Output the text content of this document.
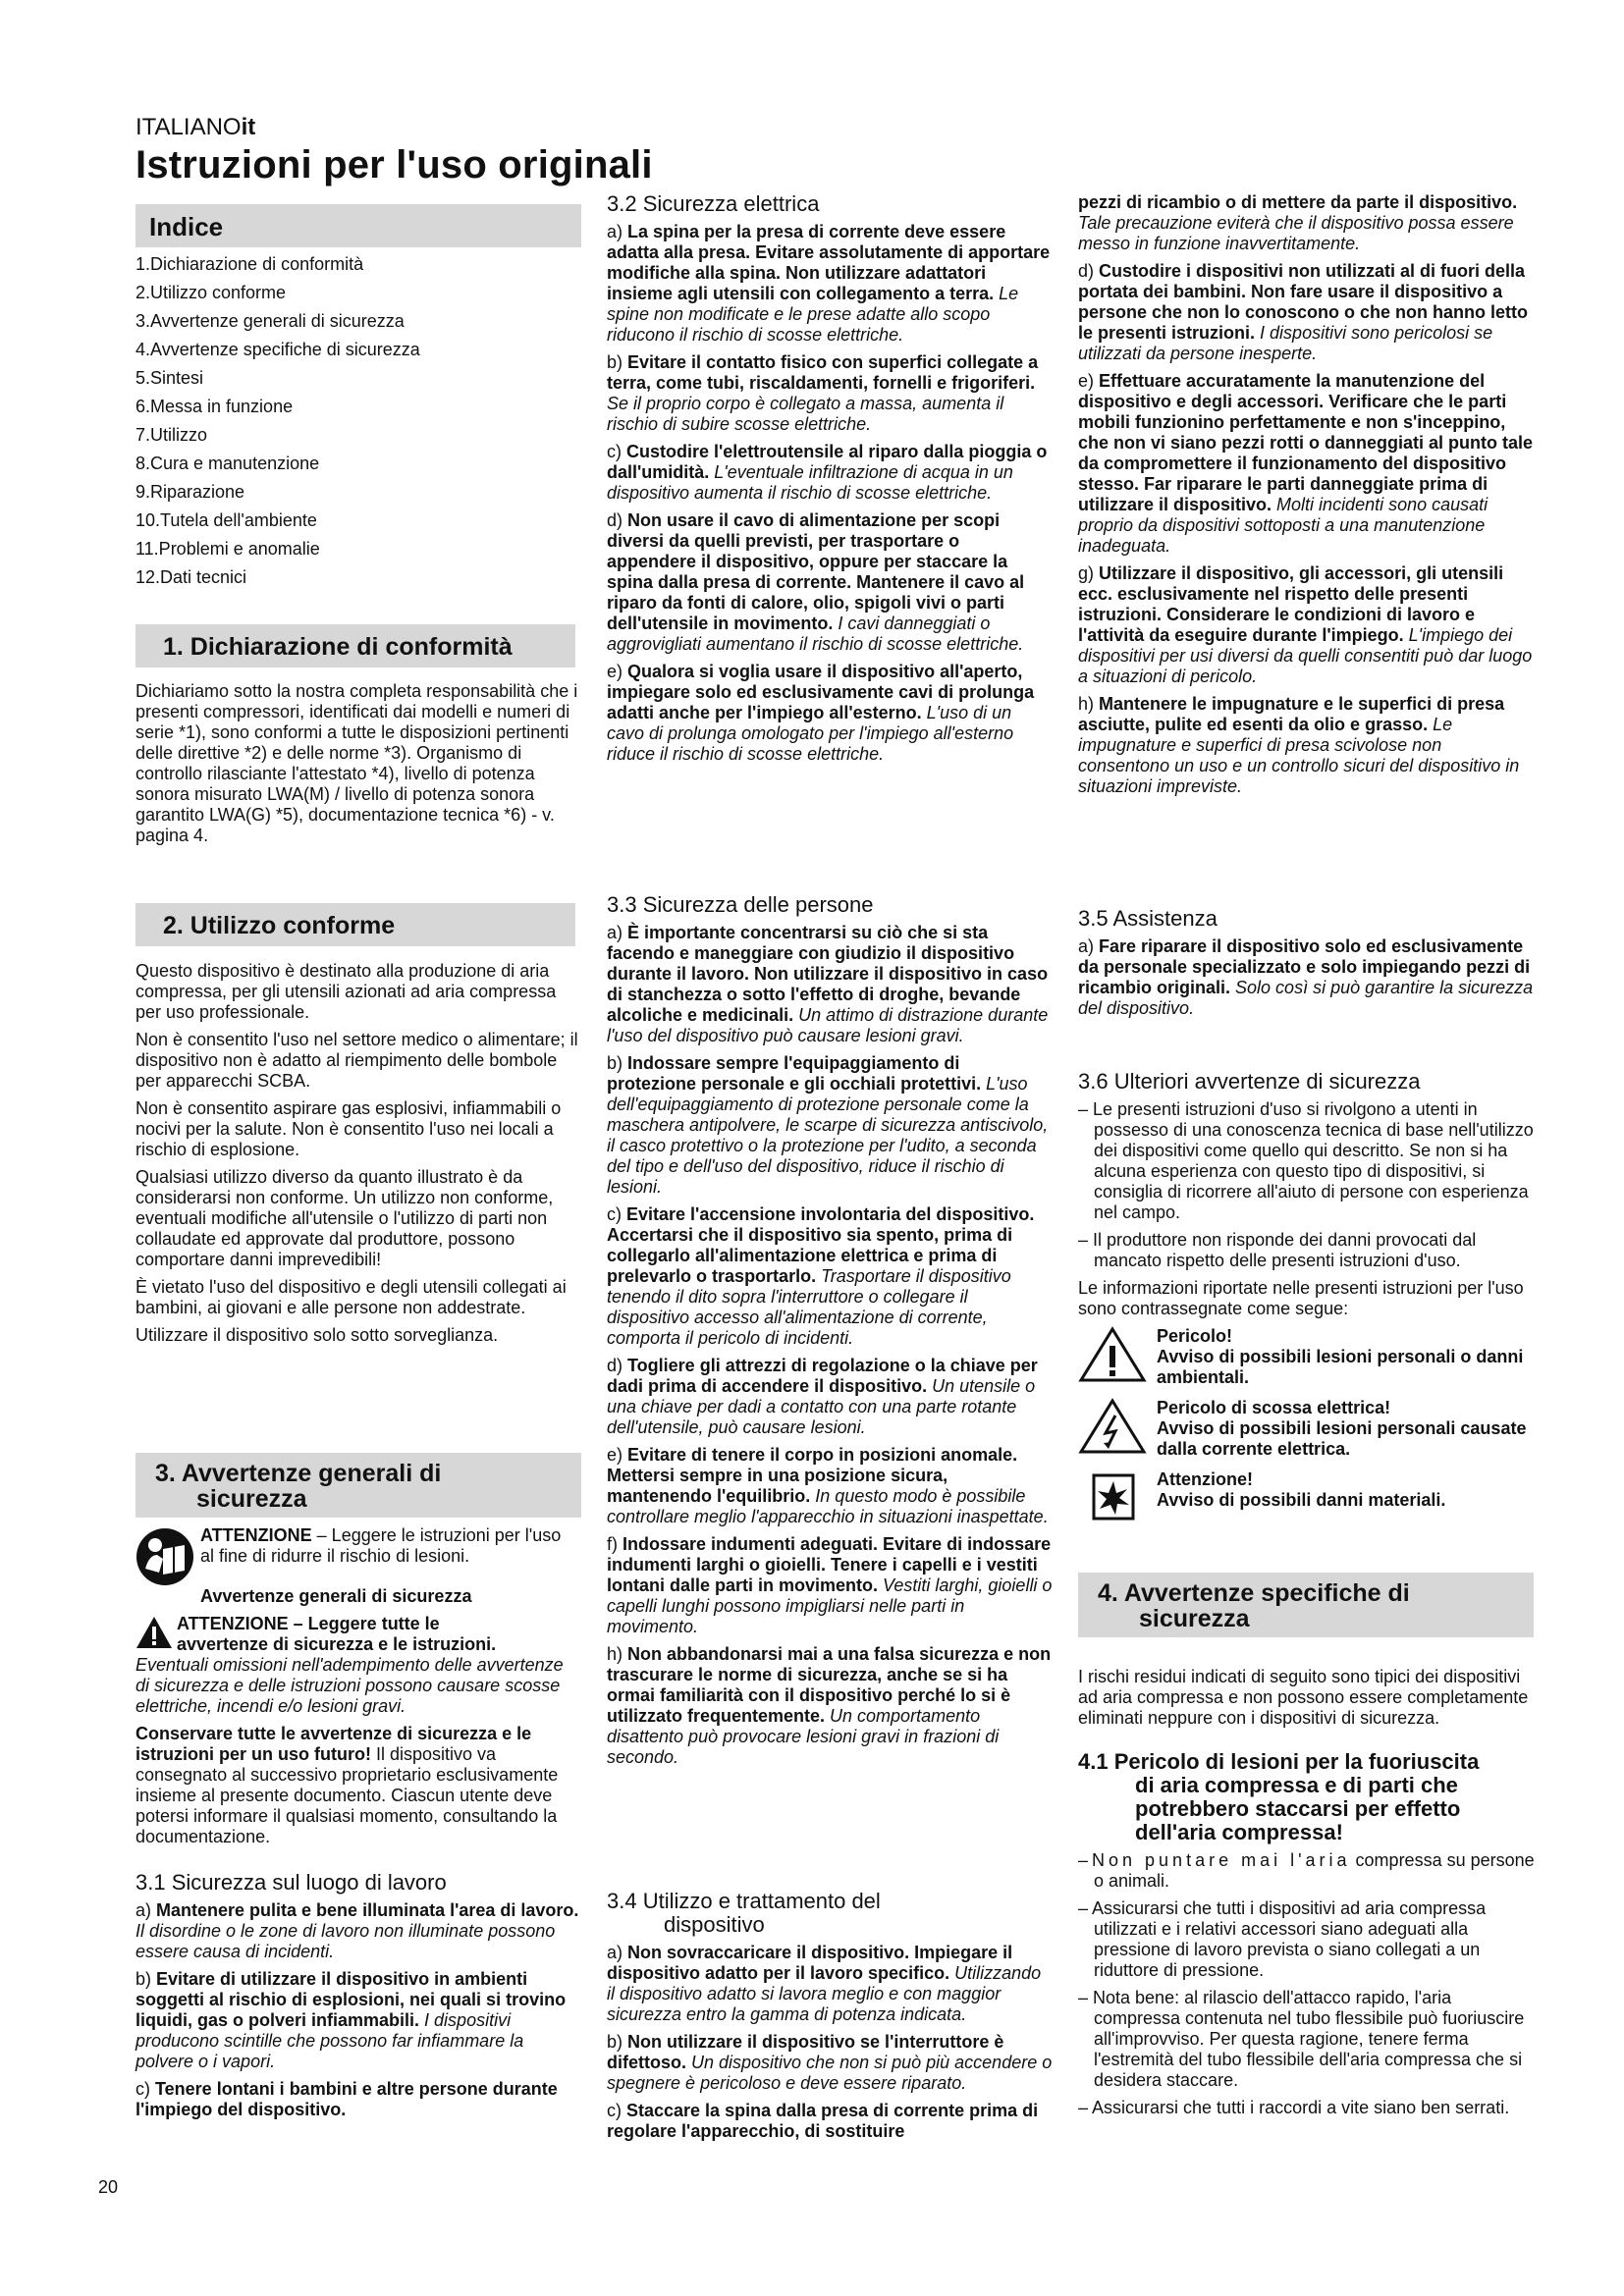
ITALIANOit
Istruzioni per l'uso originali
Indice
1.Dichiarazione di conformità
2.Utilizzo conforme
3.Avvertenze generali di sicurezza
4.Avvertenze specifiche di sicurezza
5.Sintesi
6.Messa in funzione
7.Utilizzo
8.Cura e manutenzione
9.Riparazione
10.Tutela dell'ambiente
11.Problemi e anomalie
12.Dati tecnici
1. Dichiarazione di conformità

Dichiariamo sotto la nostra completa responsabilità che i presenti compressori, identificati dai modelli e numeri di serie *1), sono conformi a tutte le disposizioni pertinenti delle direttive *2) e delle norme *3). Organismo di controllo rilasciante l'attestato *4), livello di potenza sonora misurato LWA(M) / livello di potenza sonora garantito LWA(G) *5), documentazione tecnica *6) - v. pagina 4.

2. Utilizzo conforme

Questo dispositivo è destinato alla produzione di aria compressa, per gli utensili azionati ad aria compressa per uso professionale.

Non è consentito l'uso nel settore medico o alimentare; il dispositivo non è adatto al riempimento delle bombole per apparecchi SCBA.

Non è consentito aspirare gas esplosivi, infiammabili o nocivi per la salute. Non è consentito l'uso nei locali a rischio di esplosione.

Qualsiasi utilizzo diverso da quanto illustrato è da considerarsi non conforme. Un utilizzo non conforme, eventuali modifiche all'utensile o l'utilizzo di parti non collaudate ed approvate dal produttore, possono comportare danni imprevedibili!

È vietato l'uso del dispositivo e degli utensili collegati ai bambini, ai giovani e alle persone non addestrate.

Utilizzare il dispositivo solo sotto sorveglianza.

3. Avvertenze generali di
sicurezza
ATTENZIONE – Leggere le istruzioni per l'uso al fine di ridurre il rischio di lesioni.

Avvertenze generali di sicurezza

ATTENZIONE – Leggere tutte le
avvertenze di sicurezza e le istruzioni.

Eventuali omissioni nell'adempimento delle avvertenze di sicurezza e delle istruzioni possono causare scosse elettriche, incendi e/o lesioni gravi.

Conservare tutte le avvertenze di sicurezza e le istruzioni per un uso futuro! Il dispositivo va consegnato al successivo proprietario esclusivamente insieme al presente documento. Ciascun utente deve potersi informare il qualsiasi momento, consultando la documentazione.

3.1 Sicurezza sul luogo di lavoro

a) Mantenere pulita e bene illuminata l'area di lavoro. Il disordine o le zone di lavoro non illuminate possono essere causa di incidenti.

b) Evitare di utilizzare il dispositivo in ambienti soggetti al rischio di esplosioni, nei quali si trovino liquidi, gas o polveri infiammabili. I dispositivi producono scintille che possono far infiammare la polvere o i vapori.

c) Tenere lontani i bambini e altre persone durante l'impiego del dispositivo.

3.2 Sicurezza elettrica

a) La spina per la presa di corrente deve essere adatta alla presa. Evitare assolutamente di apportare modifiche alla spina. Non utilizzare adattatori insieme agli utensili con collegamento a terra. Le spine non modificate e le prese adatte allo scopo riducono il rischio di scosse elettriche.

b) Evitare il contatto fisico con superfici collegate a terra, come tubi, riscaldamenti, fornelli e frigoriferi. Se il proprio corpo è collegato a massa, aumenta il rischio di subire scosse elettriche.

c) Custodire l'elettroutensile al riparo dalla pioggia o dall'umidità. L'eventuale infiltrazione di acqua in un dispositivo aumenta il rischio di scosse elettriche.

d) Non usare il cavo di alimentazione per scopi diversi da quelli previsti, per trasportare o appendere il dispositivo, oppure per staccare la spina dalla presa di corrente. Mantenere il cavo al riparo da fonti di calore, olio, spigoli vivi o parti dell'utensile in movimento. I cavi danneggiati o aggrovigliati aumentano il rischio di scosse elettriche.

e) Qualora si voglia usare il dispositivo all'aperto, impiegare solo ed esclusivamente cavi di prolunga adatti anche per l'impiego all'esterno. L'uso di un cavo di prolunga omologato per l'impiego all'esterno riduce il rischio di scosse elettriche.

3.3 Sicurezza delle persone

a) È importante concentrarsi su ciò che si sta facendo e maneggiare con giudizio il dispositivo durante il lavoro. Non utilizzare il dispositivo in caso di stanchezza o sotto l'effetto di droghe, bevande alcoliche e medicinali. Un attimo di distrazione durante l'uso del dispositivo può causare lesioni gravi.

b) Indossare sempre l'equipaggiamento di protezione personale e gli occhiali protettivi. L'uso dell'equipaggiamento di protezione personale come la maschera antipolvere, le scarpe di sicurezza antiscivolo, il casco protettivo o la protezione per l'udito, a seconda del tipo e dell'uso del dispositivo, riduce il rischio di lesioni.

c) Evitare l'accensione involontaria del dispositivo. Accertarsi che il dispositivo sia spento, prima di collegarlo all'alimentazione elettrica e prima di prelevarlo o trasportarlo. Trasportare il dispositivo tenendo il dito sopra l'interruttore o collegare il dispositivo accesso all'alimentazione di corrente, comporta il pericolo di incidenti.

d) Togliere gli attrezzi di regolazione o la chiave per dadi prima di accendere il dispositivo. Un utensile o una chiave per dadi a contatto con una parte rotante dell'utensile, può causare lesioni.

e) Evitare di tenere il corpo in posizioni anomale. Mettersi sempre in una posizione sicura, mantenendo l'equilibrio. In questo modo è possibile controllare meglio l'apparecchio in situazioni inaspettate.

f) Indossare indumenti adeguati. Evitare di indossare indumenti larghi o gioielli. Tenere i capelli e i vestiti lontani dalle parti in movimento. Vestiti larghi, gioielli o capelli lunghi possono impigliarsi nelle parti in movimento.

h) Non abbandonarsi mai a una falsa sicurezza e non trascurare le norme di sicurezza, anche se si ha ormai familiarità con il dispositivo perché lo si è utilizzato frequentemente. Un comportamento disattento può provocare lesioni gravi in frazioni di secondo.

3.4 Utilizzo e trattamento del
dispositivo

a) Non sovraccaricare il dispositivo. Impiegare il dispositivo adatto per il lavoro specifico. Utilizzando il dispositivo adatto si lavora meglio e con maggior sicurezza entro la gamma di potenza indicata.

b) Non utilizzare il dispositivo se l'interruttore è difettoso. Un dispositivo che non si può più accendere o spegnere è pericoloso e deve essere riparato.

c) Staccare la spina dalla presa di corrente prima di regolare l'apparecchio, di sostituire

pezzi di ricambio o di mettere da parte il dispositivo. Tale precauzione eviterà che il dispositivo possa essere messo in funzione inavvertitamente.

d) Custodire i dispositivi non utilizzati al di fuori della portata dei bambini. Non fare usare il dispositivo a persone che non lo conoscono o che non hanno letto le presenti istruzioni. I dispositivi sono pericolosi se utilizzati da persone inesperte.

e) Effettuare accuratamente la manutenzione del dispositivo e degli accessori. Verificare che le parti mobili funzionino perfettamente e non s'inceppino, che non vi siano pezzi rotti o danneggiati al punto tale da compromettere il funzionamento del dispositivo stesso. Far riparare le parti danneggiate prima di utilizzare il dispositivo. Molti incidenti sono causati proprio da dispositivi sottoposti a una manutenzione inadeguata.

g) Utilizzare il dispositivo, gli accessori, gli utensili ecc. esclusivamente nel rispetto delle presenti istruzioni. Considerare le condizioni di lavoro e l'attività da eseguire durante l'impiego. L'impiego dei dispositivi per usi diversi da quelli consentiti può dar luogo a situazioni di pericolo.

h) Mantenere le impugnature e le superfici di presa asciutte, pulite ed esenti da olio e grasso. Le impugnature e superfici di presa scivolose non consentono un uso e un controllo sicuri del dispositivo in situazioni impreviste.

3.5 Assistenza

a) Fare riparare il dispositivo solo ed esclusivamente da personale specializzato e solo impiegando pezzi di ricambio originali. Solo così si può garantire la sicurezza del dispositivo.

3.6 Ulteriori avvertenze di sicurezza

– Le presenti istruzioni d'uso si rivolgono a utenti in possesso di una conoscenza tecnica di base nell'utilizzo dei dispositivi come quello qui descritto. Se non si ha alcuna esperienza con questo tipo di dispositivi, si consiglia di ricorrere all'aiuto di persone con esperienza nel campo.

– Il produttore non risponde dei danni provocati dal mancato rispetto delle presenti istruzioni d'uso.

Le informazioni riportate nelle presenti istruzioni per l'uso sono contrassegnate come segue:

Pericolo!
Avviso di possibili lesioni personali o danni ambientali.
Pericolo di scossa elettrica!
Avviso di possibili lesioni personali causate dalla corrente elettrica.
Attenzione!
Avviso di possibili danni materiali.
4. Avvertenze specifiche di
sicurezza

I rischi residui indicati di seguito sono tipici dei dispositivi ad aria compressa e non possono essere completamente eliminati neppure con i dispositivi di sicurezza.

4.1 Pericolo di lesioni per la fuoriuscita
di aria compressa e di parti che
potrebbero staccarsi per effetto
dell'aria compressa!

–Non puntare mai l'aria compressa su persone o animali.

– Assicurarsi che tutti i dispositivi ad aria compressa utilizzati e i relativi accessori siano adeguati alla pressione di lavoro prevista o siano collegati a un riduttore di pressione.

– Nota bene: al rilascio dell'attacco rapido, l'aria compressa contenuta nel tubo flessibile può fuoriuscire all'improvviso. Per questa ragione, tenere ferma l'estremità del tubo flessibile dell'aria compressa che si desidera staccare.

– Assicurarsi che tutti i raccordi a vite siano ben serrati.

20
